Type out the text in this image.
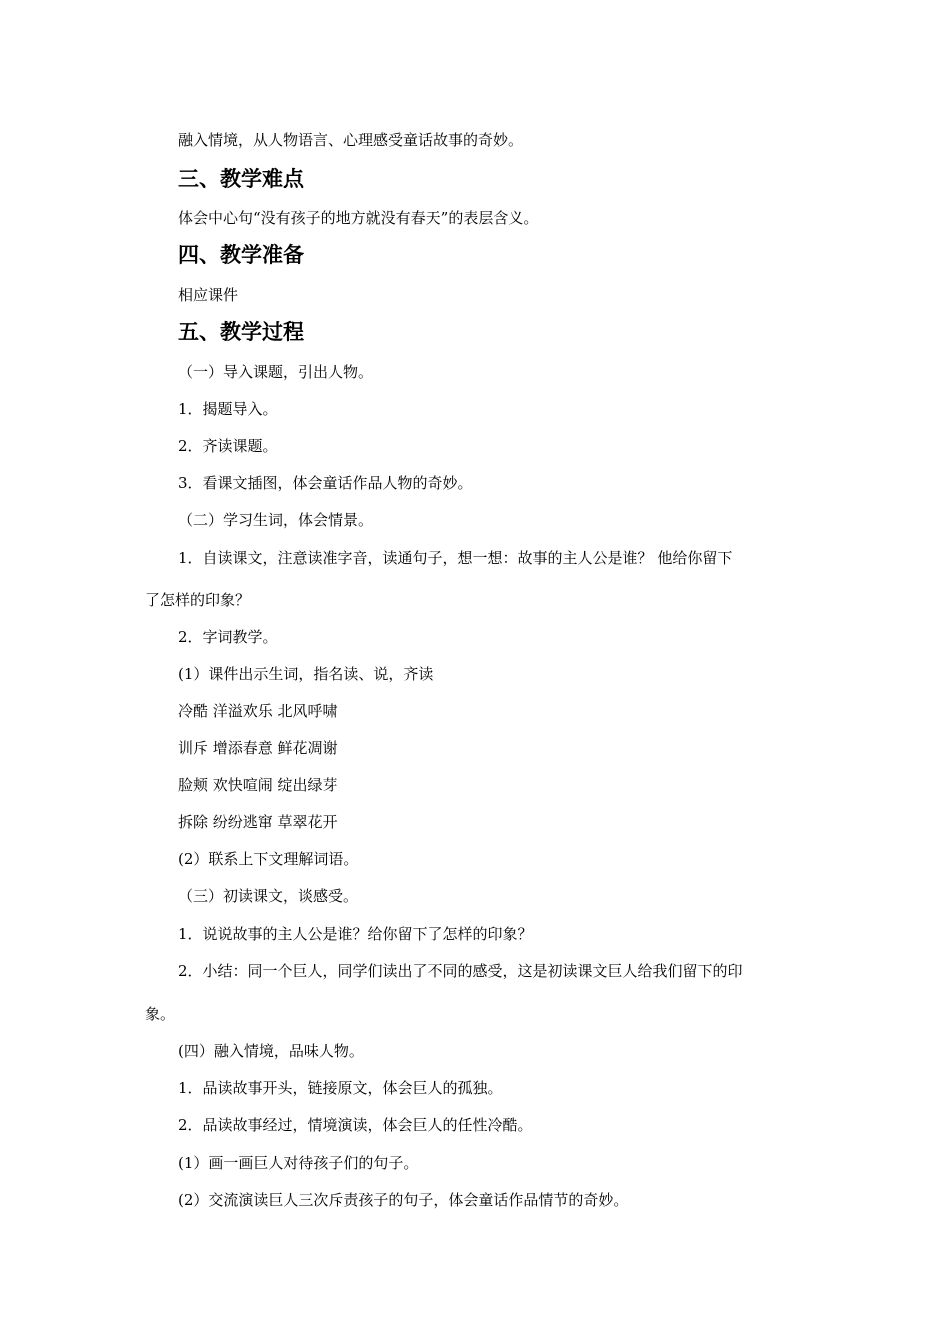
融入情境，从人物语言、心理感受童话故事的奇妙。
三、教学难点
体会中心句“没有孩子的地方就没有春天”的表层含义。
四、教学准备
相应课件
五、教学过程
（一）导入课题，引出人物。
1．揭题导入。
2．齐读课题。
3．看课文插图，体会童话作品人物的奇妙。
（二）学习生词，体会情景。
1．自读课文，注意读准字音，读通句子，想一想：故事的主人公是谁？ 他给你留下
了怎样的印象？
2．字词教学。
(1）课件出示生词，指名读、说，齐读
冷酷 洋溢欢乐 北风呼啸
训斥 增添春意 鲜花凋谢
脸颊 欢快喧闹 绽出绿芽
拆除 纷纷逃窜 草翠花开
(2）联系上下文理解词语。
（三）初读课文，谈感受。
1．说说故事的主人公是谁？给你留下了怎样的印象？
2．小结：同一个巨人，同学们读出了不同的感受，这是初读课文巨人给我们留下的印
象。
(四）融入情境，品味人物。
1．品读故事开头，链接原文，体会巨人的孤独。
2．品读故事经过，情境演读，体会巨人的任性冷酷。
(1）画一画巨人对待孩子们的句子。
(2）交流演读巨人三次斥责孩子的句子，体会童话作品情节的奇妙。
